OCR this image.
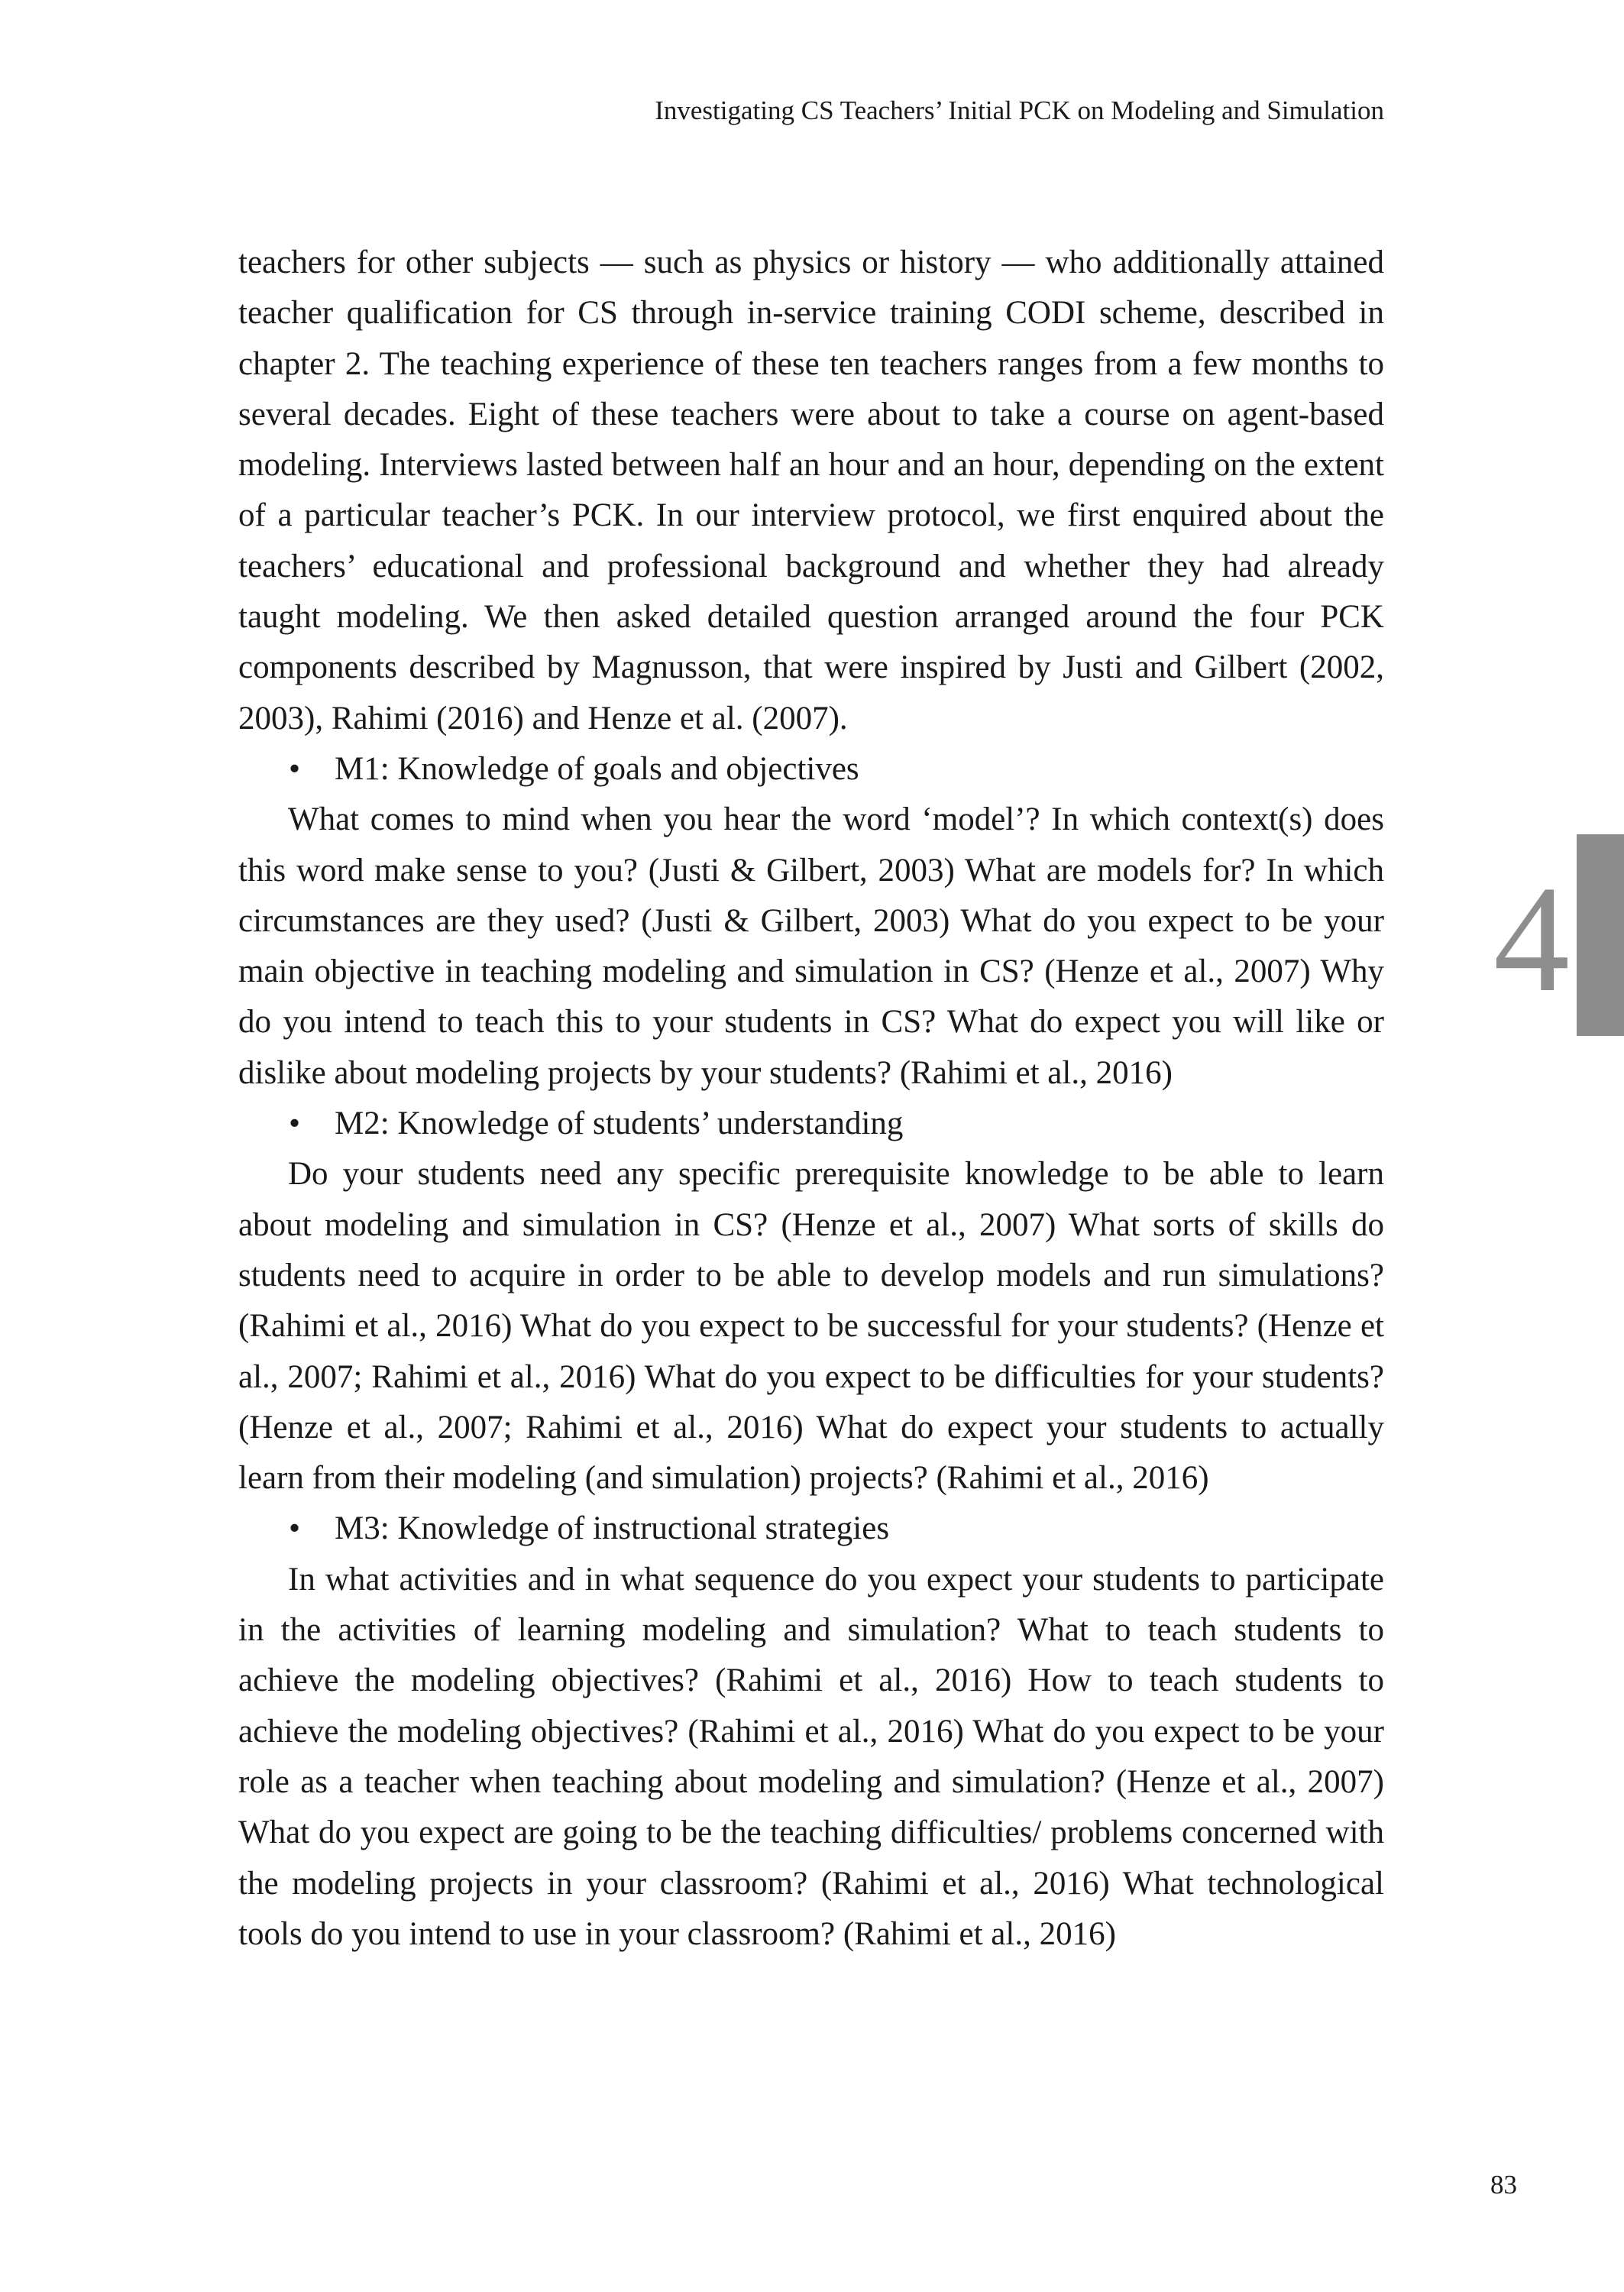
Investigating CS Teachers’ Initial PCK on Modeling and Simulation

teachers for other subjects — such as physics or history — who additionally attained teacher qualification for CS through in-service training CODI scheme, described in chapter 2. The teaching experience of these ten teachers ranges from a few months to several decades. Eight of these teachers were about to take a course on agent-based modeling. Interviews lasted between half an hour and an hour, depending on the extent of a particular teacher’s PCK. In our interview protocol, we first enquired about the teachers’ educational and professional background and whether they had already taught modeling. We then asked detailed question arranged around the four PCK components described by Magnusson, that were inspired by Justi and Gilbert (2002, 2003), Rahimi (2016) and Henze et al. (2007).

• M1: Knowledge of goals and objectives

What comes to mind when you hear the word ‘model’? In which context(s) does this word make sense to you? (Justi & Gilbert, 2003) What are models for? In which circumstances are they used? (Justi & Gilbert, 2003) What do you expect to be your main objective in teaching modeling and simulation in CS? (Henze et al., 2007) Why do you intend to teach this to your students in CS? What do expect you will like or dislike about modeling projects by your students? (Rahimi et al., 2016)

• M2: Knowledge of students’ understanding

Do your students need any specific prerequisite knowledge to be able to learn about modeling and simulation in CS? (Henze et al., 2007) What sorts of skills do students need to acquire in order to be able to develop models and run simulations? (Rahimi et al., 2016) What do you expect to be successful for your students? (Henze et al., 2007; Rahimi et al., 2016) What do you expect to be difficulties for your students? (Henze et al., 2007; Rahimi et al., 2016) What do expect your students to actually learn from their modeling (and simulation) projects? (Rahimi et al., 2016)

• M3: Knowledge of instructional strategies

In what activities and in what sequence do you expect your students to participate in the activities of learning modeling and simulation? What to teach students to achieve the modeling objectives? (Rahimi et al., 2016) How to teach students to achieve the modeling objectives? (Rahimi et al., 2016) What do you expect to be your role as a teacher when teaching about modeling and simulation? (Henze et al., 2007) What do you expect are going to be the teaching difficulties/ problems concerned with the modeling projects in your classroom? (Rahimi et al., 2016) What technological tools do you intend to use in your classroom? (Rahimi et al., 2016)

4
83
